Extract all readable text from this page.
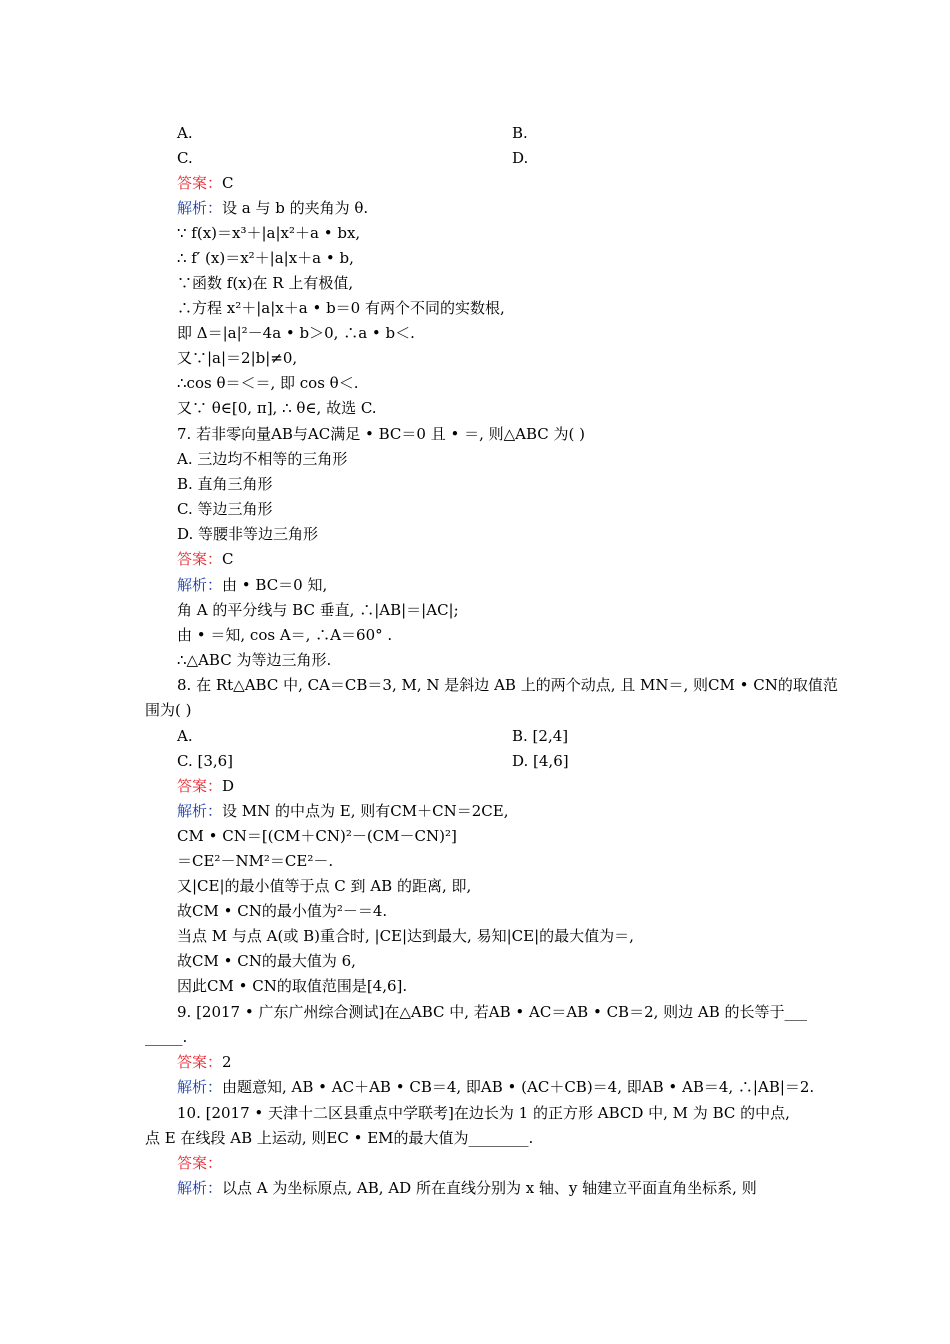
A.	B.
C.	D.
答案：C
解析：设 a 与 b 的夹角为 θ.
∵ f(x)＝x³＋|a|x²＋a • bx,
∴ f′ (x)＝x²＋|a|x＋a • b,
∵函数 f(x)在 R 上有极值,
∴方程 x²＋|a|x＋a • b＝0 有两个不同的实数根,
即 Δ＝|a|²－4a • b＞0, ∴a • b＜.
又∵|a|＝2|b|≠0,
∴cos θ＝＜＝, 即 cos θ＜.
又∵ θ∈[0, π], ∴ θ∈, 故选 C.
7. 若非零向量AB与AC满足 • BC＝0 且 • ＝, 则△ABC 为( )
A. 三边均不相等的三角形
B. 直角三角形
C. 等边三角形
D. 等腰非等边三角形
答案：C
解析：由 • BC＝0 知,
角 A 的平分线与 BC 垂直, ∴|AB|＝|AC|;
由 • ＝知, cos A＝, ∴A＝60° .
∴△ABC 为等边三角形.
8. 在 Rt△ABC 中, CA＝CB＝3, M, N 是斜边 AB 上的两个动点, 且 MN＝, 则CM • CN的取值范
围为( )
A.	B. [2,4]
C. [3,6]	D. [4,6]
答案：D
解析：设 MN 的中点为 E, 则有CM＋CN＝2CE,
CM • CN＝[(CM＋CN)²－(CM－CN)²]
＝CE²－NM²＝CE²－.
又|CE|的最小值等于点 C 到 AB 的距离, 即,
故CM • CN的最小值为²－＝4.
当点 M 与点 A(或 B)重合时, |CE|达到最大, 易知|CE|的最大值为＝,
故CM • CN的最大值为 6,
因此CM • CN的取值范围是[4,6].
9. [2017 • 广东广州综合测试]在△ABC 中, 若AB • AC＝AB • CB＝2, 则边 AB 的长等于___
_____.
答案：2
解析：由题意知, AB • AC＋AB • CB＝4, 即AB • (AC＋CB)＝4, 即AB • AB＝4, ∴|AB|＝2.
10. [2017 • 天津十二区县重点中学联考]在边长为 1 的正方形 ABCD 中, M 为 BC 的中点,
点 E 在线段 AB 上运动, 则EC • EM的最大值为________.
答案：
解析：以点 A 为坐标原点, AB, AD 所在直线分别为 x 轴、y 轴建立平面直角坐标系, 则
